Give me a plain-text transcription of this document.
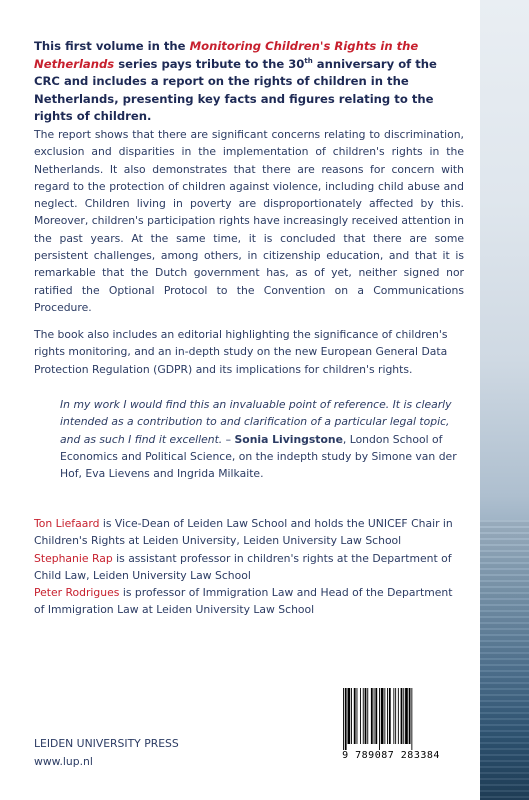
This first volume in the Monitoring Children's Rights in the Netherlands series pays tribute to the 30th anniversary of the CRC and includes a report on the rights of children in the Netherlands, presenting key facts and figures relating to the rights of children.

The report shows that there are significant concerns relating to discrimination, exclusion and disparities in the implementation of children's rights in the Netherlands. It also demonstrates that there are reasons for concern with regard to the protection of children against violence, including child abuse and neglect. Children living in poverty are disproportionately affected by this. Moreover, children's participation rights have increasingly received attention in the past years. At the same time, it is concluded that there are some persistent challenges, among others, in citizenship education, and that it is remarkable that the Dutch government has, as of yet, neither signed nor ratified the Optional Protocol to the Convention on a Communications Procedure.

The book also includes an editorial highlighting the significance of children's rights monitoring, and an in-depth study on the new European General Data Protection Regulation (GDPR) and its implications for children's rights.

In my work I would find this an invaluable point of reference. It is clearly intended as a contribution to and clarification of a particular legal topic, and as such I find it excellent. – Sonia Livingstone, London School of Economics and Political Science, on the indepth study by Simone van der Hof, Eva Lievens and Ingrida Milkaite.

Ton Liefaard is Vice-Dean of Leiden Law School and holds the UNICEF Chair in Children's Rights at Leiden University, Leiden University Law School
Stephanie Rap is assistant professor in children's rights at the Department of Child Law, Leiden University Law School
Peter Rodrigues is professor of Immigration Law and Head of the Department of Immigration Law at Leiden University Law School

LEIDEN UNIVERSITY PRESS
www.lup.nl	9 789087 283384
